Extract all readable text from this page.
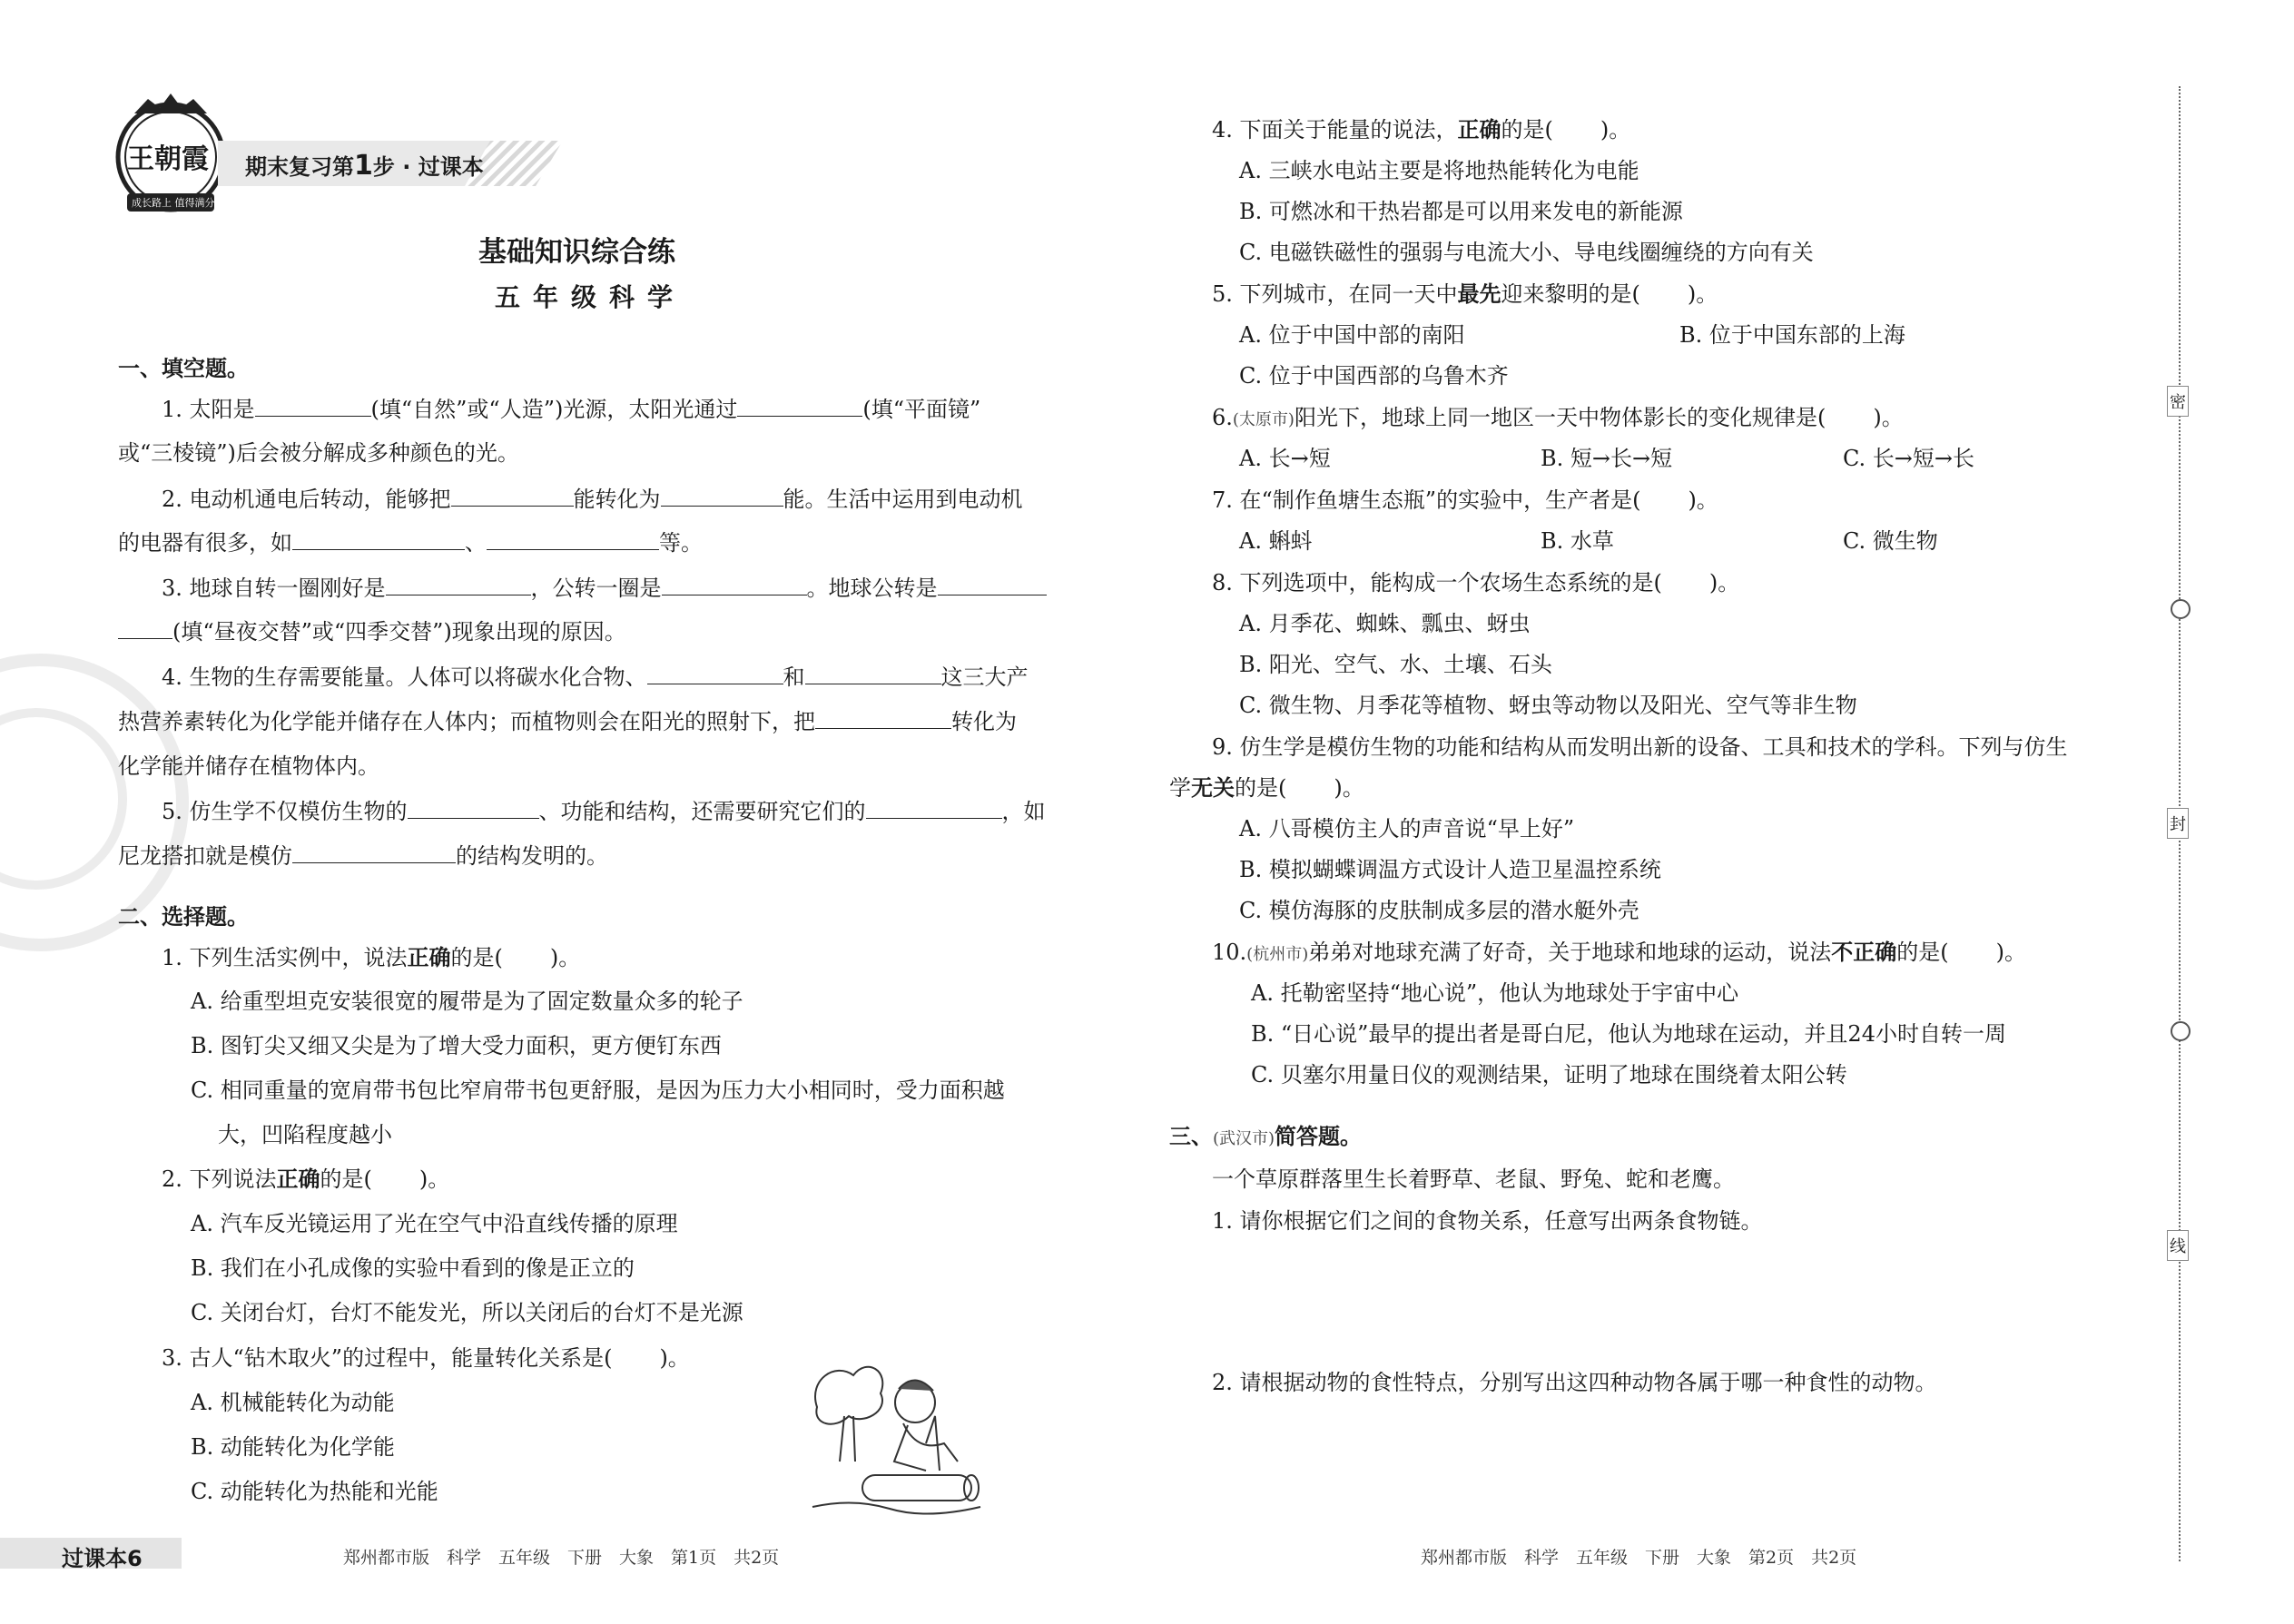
王朝霞
成长路上 值得满分
期末复习第1步 · 过课本
基础知识综合练
五年级科学
一、填空题。
1. 太阳是	(填“自然”或“人造”)光源，太阳光通过	(填“平面镜”
或“三棱镜”)后会被分解成多种颜色的光。
2. 电动机通电后转动，能够把	能转化为	能。生活中运用到电动机
的电器有很多，如	、	等。
3. 地球自转一圈刚好是	，公转一圈是	。地球公转是
(填“昼夜交替”或“四季交替”)现象出现的原因。
4. 生物的生存需要能量。人体可以将碳水化合物、	和	这三大产
热营养素转化为化学能并储存在人体内；而植物则会在阳光的照射下，把	转化为
化学能并储存在植物体内。
5. 仿生学不仅模仿生物的	、功能和结构，还需要研究它们的	，如
尼龙搭扣就是模仿	的结构发明的。
二、选择题。
1. 下列生活实例中，说法正确的是( )。
A. 给重型坦克安装很宽的履带是为了固定数量众多的轮子
B. 图钉尖又细又尖是为了增大受力面积，更方便钉东西
C. 相同重量的宽肩带书包比窄肩带书包更舒服，是因为压力大小相同时，受力面积越
大，凹陷程度越小
2. 下列说法正确的是( )。
A. 汽车反光镜运用了光在空气中沿直线传播的原理
B. 我们在小孔成像的实验中看到的像是正立的
C. 关闭台灯，台灯不能发光，所以关闭后的台灯不是光源
3. 古人“钻木取火”的过程中，能量转化关系是( )。
A. 机械能转化为动能
B. 动能转化为化学能
C. 动能转化为热能和光能
4. 下面关于能量的说法，正确的是( )。
A. 三峡水电站主要是将地热能转化为电能
B. 可燃冰和干热岩都是可以用来发电的新能源
C. 电磁铁磁性的强弱与电流大小、导电线圈缠绕的方向有关
5. 下列城市，在同一天中最先迎来黎明的是( )。
A. 位于中国中部的南阳	B. 位于中国东部的上海
C. 位于中国西部的乌鲁木齐
6.(太原市)阳光下，地球上同一地区一天中物体影长的变化规律是( )。
A. 长→短	B. 短→长→短	C. 长→短→长
7. 在“制作鱼塘生态瓶”的实验中，生产者是( )。
A. 蝌蚪	B. 水草	C. 微生物
8. 下列选项中，能构成一个农场生态系统的是( )。
A. 月季花、蜘蛛、瓢虫、蚜虫
B. 阳光、空气、水、土壤、石头
C. 微生物、月季花等植物、蚜虫等动物以及阳光、空气等非生物
9. 仿生学是模仿生物的功能和结构从而发明出新的设备、工具和技术的学科。下列与仿生
学无关的是( )。
A. 八哥模仿主人的声音说“早上好”
B. 模拟蝴蝶调温方式设计人造卫星温控系统
C. 模仿海豚的皮肤制成多层的潜水艇外壳
10.(杭州市)弟弟对地球充满了好奇，关于地球和地球的运动，说法不正确的是( )。
A. 托勒密坚持“地心说”，他认为地球处于宇宙中心
B. “日心说”最早的提出者是哥白尼，他认为地球在运动，并且24小时自转一周
C. 贝塞尔用量日仪的观测结果，证明了地球在围绕着太阳公转
三、(武汉市)简答题。
一个草原群落里生长着野草、老鼠、野兔、蛇和老鹰。
1. 请你根据它们之间的食物关系，任意写出两条食物链。
2. 请根据动物的食性特点，分别写出这四种动物各属于哪一种食性的动物。
密
封
线
过课本6	郑州都市版　科学　五年级　下册　大象　第1页　共2页	郑州都市版　科学　五年级　下册　大象　第2页　共2页
